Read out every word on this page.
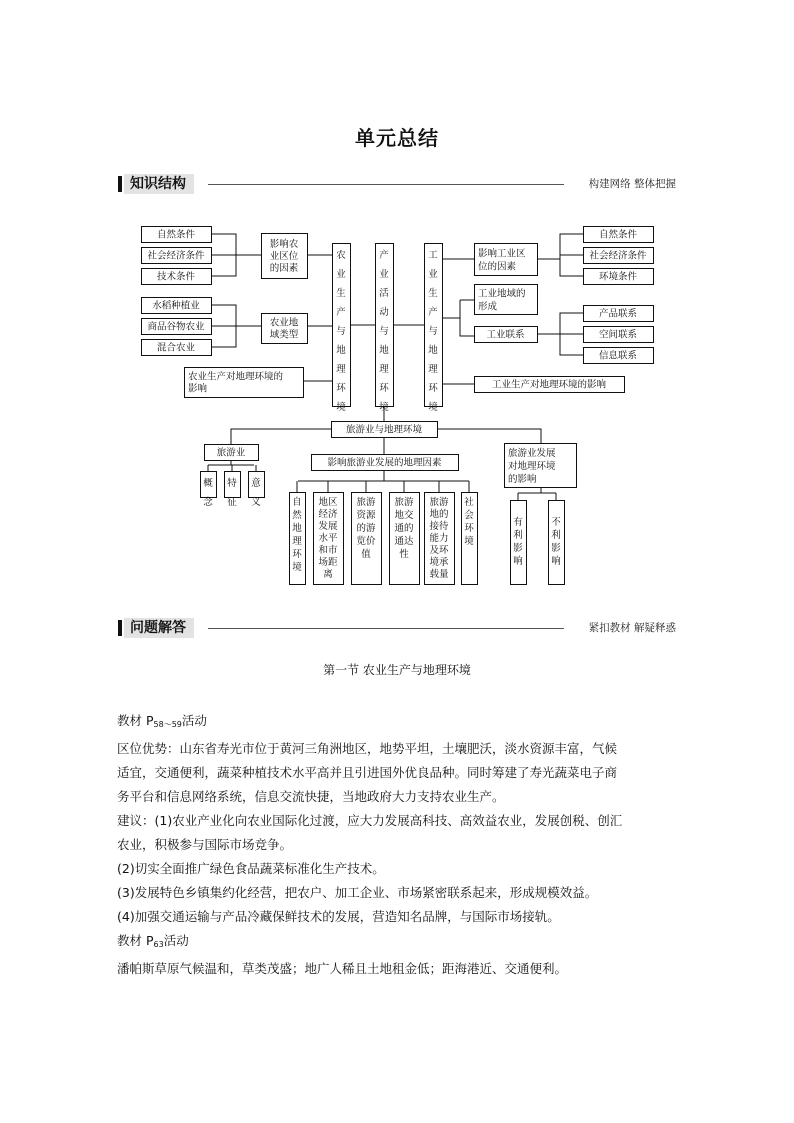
单元总结
知识结构	构建网络 整体把握
自然条件
社会经济条件
技术条件
影响农
业区位
的因素
水稻种植业
商品谷物农业
混合农业
农业地
域类型
农业生产对地理环境的
影响
农
业
生
产
与
地
理
环
境
产
业
活
动
与
地
理
环
境
工
业
生
产
与
地
理
环
境
影响工业区
位的因素
自然条件
社会经济条件
环境条件
工业地域的
形成
工业联系
产品联系
空间联系
信息联系
工业生产对地理环境的影响
旅游业与地理环境
旅游业
概
念
特
征
意
义
影响旅游业发展的地理因素
自
然
地
理
环
境
地区
经济
发展
水平
和市
场距
离
旅游
资源
的游
览价
值
旅游
地交
通的
通达
性
旅游
地的
接待
能力
及环
境承
载量
社
会
环
境
旅游业发展
对地理环境
的影响
有
利
影
响
不
利
影
响
问题解答	紧扣教材 解疑释惑
第一节 农业生产与地理环境

教材 $P_{58\sim 59}$活动

区位优势：山东省寿光市位于黄河三角洲地区，地势平坦，土壤肥沃，淡水资源丰富，气候

适宜，交通便利，蔬菜种植技术水平高并且引进国外优良品种。同时筹建了寿光蔬菜电子商

务平台和信息网络系统，信息交流快捷，当地政府大力支持农业生产。

建议：(1)农业产业化向农业国际化过渡，应大力发展高科技、高效益农业，发展创税、创汇

农业，积极参与国际市场竞争。

(2)切实全面推广绿色食品蔬菜标准化生产技术。

(3)发展特色乡镇集约化经营，把农户、加工企业、市场紧密联系起来，形成规模效益。

(4)加强交通运输与产品冷藏保鲜技术的发展，营造知名品牌，与国际市场接轨。

教材 $P_{63}$活动

潘帕斯草原气候温和，草类茂盛；地广人稀且土地租金低；距海港近、交通便利。
